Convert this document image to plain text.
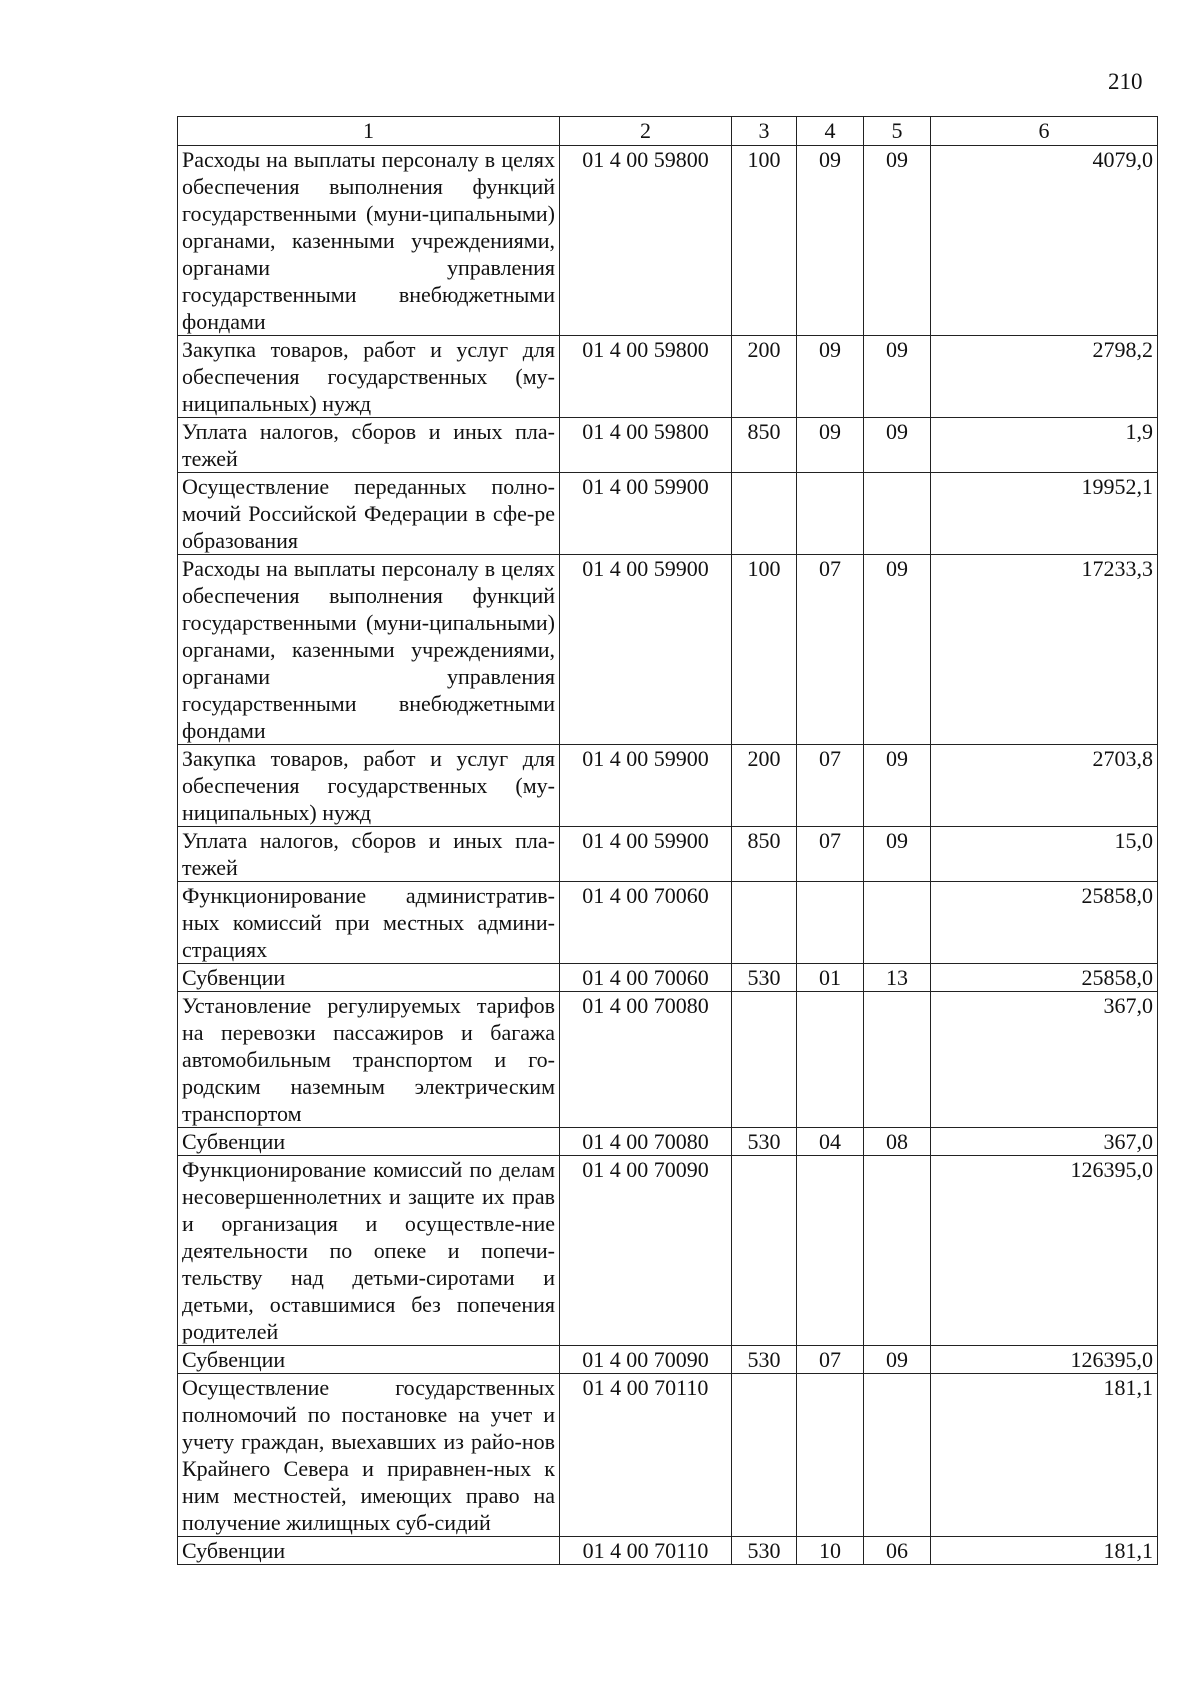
210
1	2	3	4	5	6
Расходы на выплаты персоналу в целях обеспечения выполнения функций государственными (муни-ципальными) органами, казенными учреждениями, органами управления государственными внебюджетными фондами	01 4 00 59800	100	09	09	4079,0
Закупка товаров, работ и услуг для обеспечения государственных (му-ниципальных) нужд	01 4 00 59800	200	09	09	2798,2
Уплата налогов, сборов и иных пла-тежей	01 4 00 59800	850	09	09	1,9
Осуществление переданных полно-мочий Российской Федерации в сфе-ре образования	01 4 00 59900				19952,1
Расходы на выплаты персоналу в целях обеспечения выполнения функций государственными (муни-ципальными) органами, казенными учреждениями, органами управления государственными внебюджетными фондами	01 4 00 59900	100	07	09	17233,3
Закупка товаров, работ и услуг для обеспечения государственных (му-ниципальных) нужд	01 4 00 59900	200	07	09	2703,8
Уплата налогов, сборов и иных пла-тежей	01 4 00 59900	850	07	09	15,0
Функционирование административ-ных комиссий при местных админи-страциях	01 4 00 70060				25858,0
Субвенции	01 4 00 70060	530	01	13	25858,0
Установление регулируемых тарифов на перевозки пассажиров и багажа автомобильным транспортом и го-родским наземным электрическим транспортом	01 4 00 70080				367,0
Субвенции	01 4 00 70080	530	04	08	367,0
Функционирование комиссий по делам несовершеннолетних и защите их прав и организация и осуществле-ние деятельности по опеке и попечи-тельству над детьми-сиротами и детьми, оставшимися без попечения родителей	01 4 00 70090				126395,0
Субвенции	01 4 00 70090	530	07	09	126395,0
Осуществление государственных полномочий по постановке на учет и учету граждан, выехавших из райо-нов Крайнего Севера и приравнен-ных к ним местностей, имеющих право на получение жилищных суб-сидий	01 4 00 70110				181,1
Субвенции	01 4 00 70110	530	10	06	181,1
